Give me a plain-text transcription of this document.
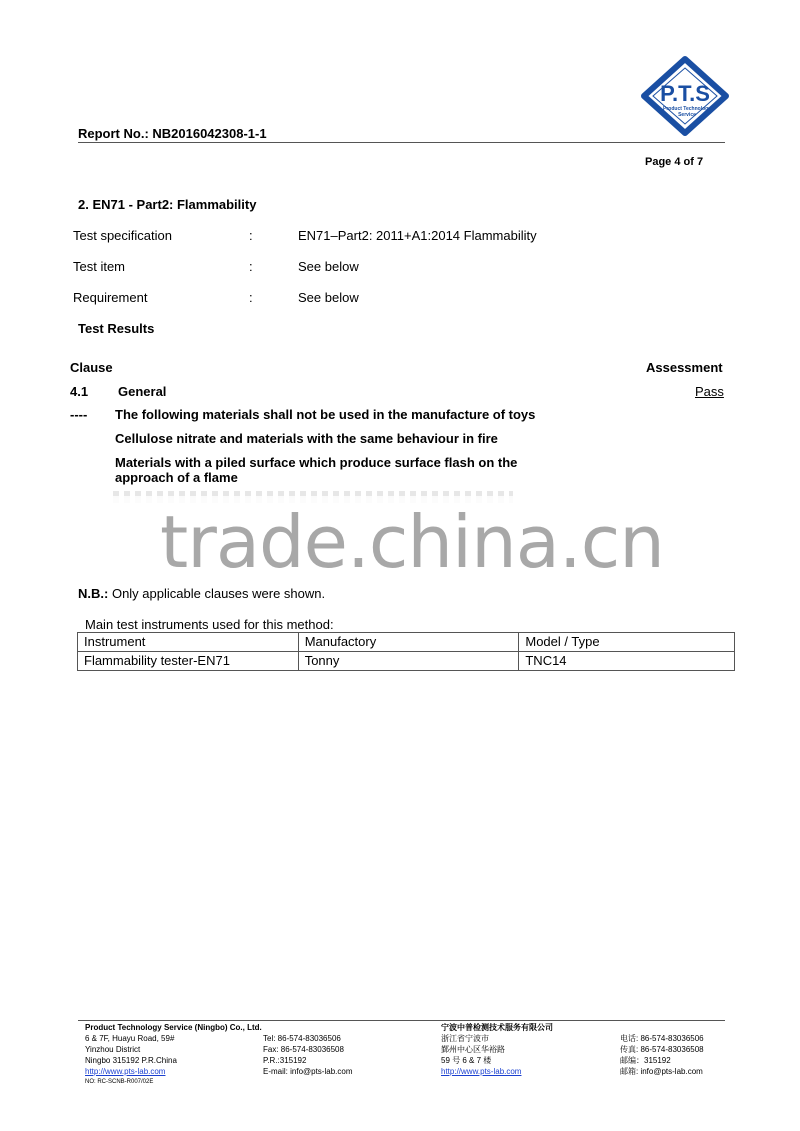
Report No.: NB2016042308-1-1
Page 4 of 7
P.T.S
Product Technology
Service
2. EN71 - Part2: Flammability
Test specification	:	EN71–Part2: 2011+A1:2014 Flammability
Test item	:	See below
Requirement	:	See below
Test Results
Clause	Assessment
4.1 General	Pass
---- The following materials shall not be used in the manufacture of toys
Cellulose nitrate and materials with the same behaviour in fire
Materials with a piled surface which produce surface flash on the
approach of a flame
trade.china.cn
N.B.: Only applicable clauses were shown.
Main test instruments used for this method:
Instrument	Manufactory	Model / Type
Flammability tester-EN71	Tonny	TNC14
Product Technology Service (Ningbo) Co., Ltd.
6 & 7F, Huayu Road, 59#
Yinzhou District
Ningbo 315192 P.R.China
http://www.pts-lab.com
NO: RC-SCNB-R007/02E
Tel: 86-574-83036506
Fax: 86-574-83036508
P.R.:315192
E-mail: info@pts-lab.com
宁波中普检测技术服务有限公司
浙江省宁波市
鄞州中心区华裕路
59 号 6 & 7 楼
http://www.pts-lab.com
电话: 86-574-83036506
传真: 86-574-83036508
邮编：315192
邮箱: info@pts-lab.com
